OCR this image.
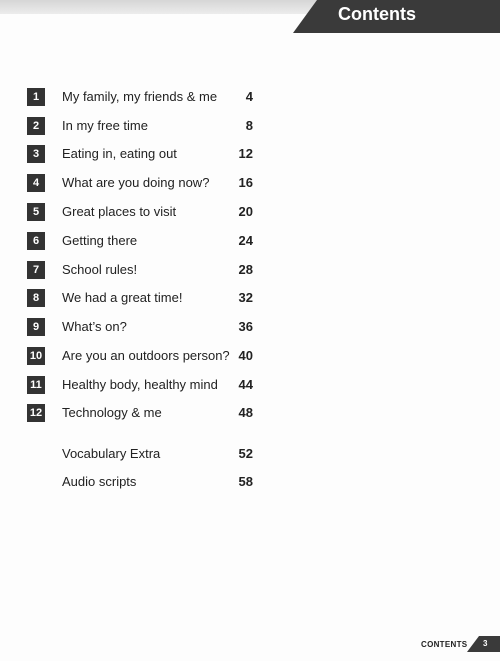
Contents
1	My family, my friends & me 4
2	In my free time	8
3	Eating in, eating out	12
4	What are you doing now? 16
5	Great places to visit	20
6	Getting there	24
7	School rules!	28
8	We had a great time!	32
9	What’s on?	36
10 Are you an outdoors person? 40
11 Healthy body, healthy mind 44
12 Technology & me	48
Vocabulary Extra	52
Audio scripts	58
CONTENTS 3
